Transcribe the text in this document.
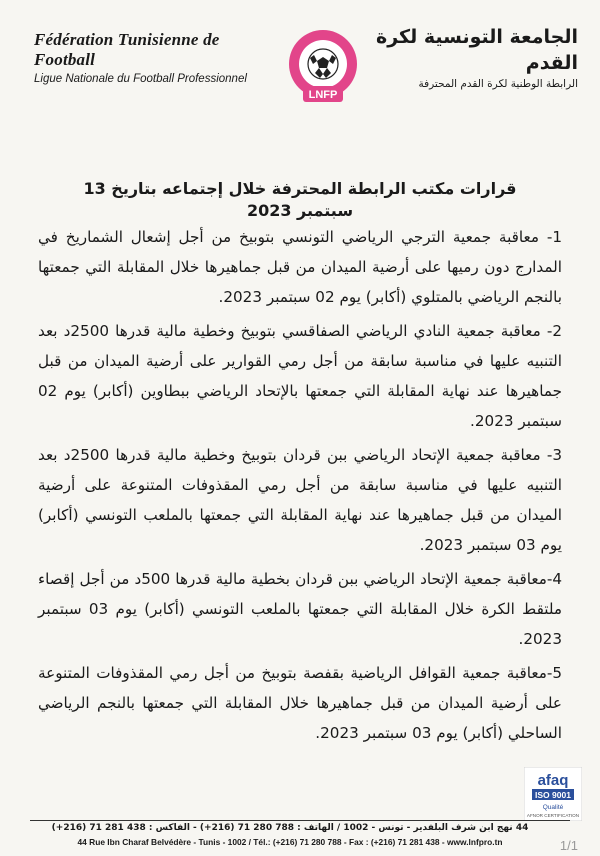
Fédération Tunisienne de Football
Ligue Nationale du Football Professionnel
LNFP
الجامعة التونسية لكرة القدم
الرابطة الوطنية لكرة القدم المحترفة
قرارات مكتب الرابطة المحترفة خلال إجتماعه بتاريخ 13 سبتمبر 2023

1- معاقبة جمعية الترجي الرياضي التونسي بتوبيخ من أجل إشعال الشماريخ في المدارج دون رميها على أرضية الميدان من قبل جماهيرها خلال المقابلة التي جمعتها بالنجم الرياضي بالمتلوي (أكابر) يوم 02 سبتمبر 2023.

2- معاقبة جمعية النادي الرياضي الصفاقسي بتوبيخ وخطية مالية قدرها 2500د بعد التنبيه عليها في مناسبة سابقة من أجل رمي القوارير على أرضية الميدان من قبل جماهيرها عند نهاية المقابلة التي جمعتها بالإتحاد الرياضي ببطاوين (أكابر) يوم 02 سبتمبر 2023.

3- معاقبة جمعية الإتحاد الرياضي ببن قردان بتوبيخ وخطية مالية قدرها 2500د بعد التنبيه عليها في مناسبة سابقة من أجل رمي المقذوفات المتنوعة على أرضية الميدان من قبل جماهيرها عند نهاية المقابلة التي جمعتها بالملعب التونسي (أكابر) يوم 03 سبتمبر 2023.

4-معاقبة جمعية الإتحاد الرياضي ببن قردان بخطية مالية قدرها 500د من أجل إقصاء ملتقط الكرة خلال المقابلة التي جمعتها بالملعب التونسي (أكابر) يوم 03 سبتمبر 2023.

5-معاقبة جمعية القوافل الرياضية بقفصة بتوبيخ من أجل رمي المقذوفات المتنوعة على أرضية الميدان من قبل جماهيرها خلال المقابلة التي جمعتها بالنجم الرياضي الساحلي (أكابر) يوم 03 سبتمبر 2023.

afaq
ISO 9001
Qualité
AFNOR CERTIFICATION
44 نهج ابن شرف البلفدير - تونس - 1002 / الهاتف : 788 280 71 (216+) - الفاكس : 438 281 71 (216+)
44 Rue Ibn Charaf Belvédère - Tunis - 1002 / Tél.: (+216) 71 280 788 - Fax : (+216) 71 281 438 - www.lnfpro.tn	1/1
